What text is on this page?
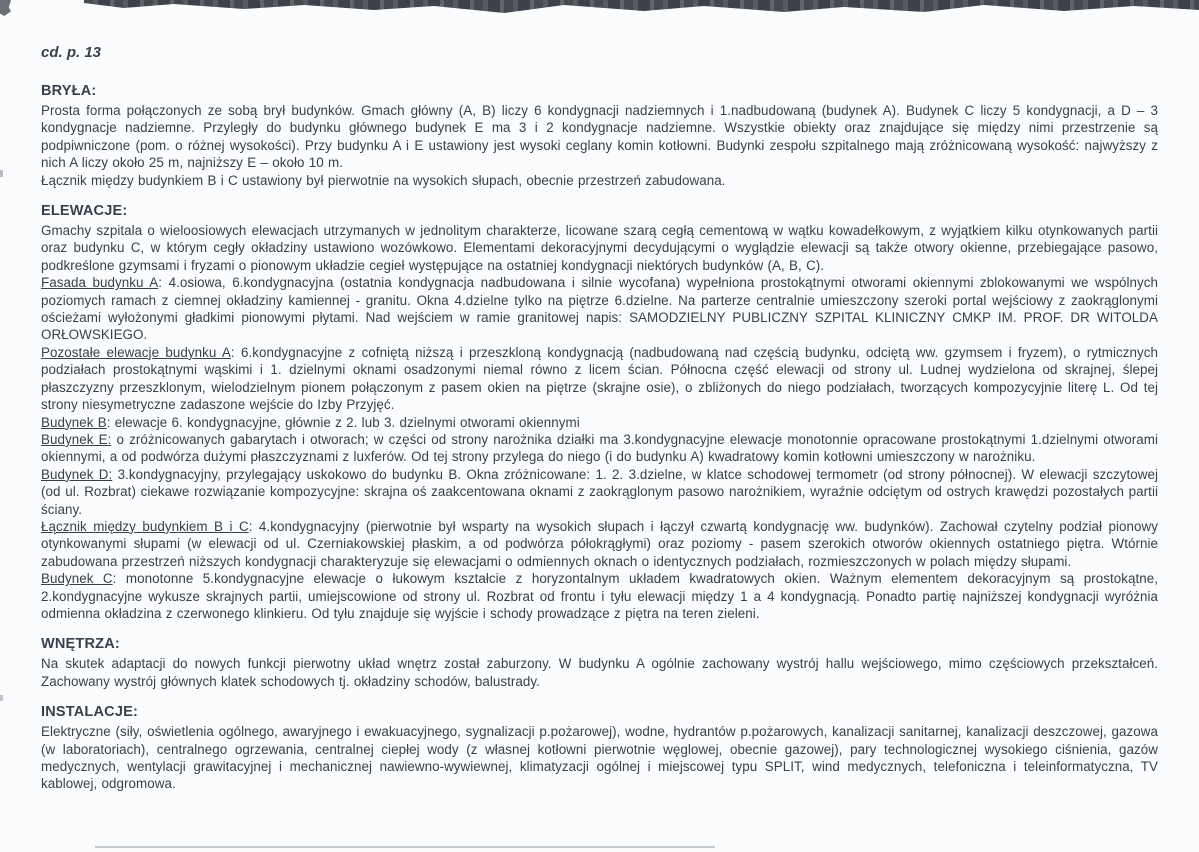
cd. p. 13
BRYŁA:

Prosta forma połączonych ze sobą brył budynków. Gmach główny (A, B) liczy 6 kondygnacji nadziemnych i 1.nadbudowaną (budynek A). Budynek C liczy 5 kondygnacji, a D – 3 kondygnacje nadziemne. Przyległy do budynku głównego budynek E ma 3 i 2 kondygnacje nadziemne. Wszystkie obiekty oraz znajdujące się między nimi przestrzenie są podpiwniczone (pom. o różnej wysokości). Przy budynku A i E ustawiony jest wysoki ceglany komin kotłowni. Budynki zespołu szpitalnego mają zróżnicowaną wysokość: najwyższy z nich A liczy około 25 m, najniższy E – około 10 m.

Łącznik między budynkiem B i C ustawiony był pierwotnie na wysokich słupach, obecnie przestrzeń zabudowana.

ELEWACJE:

Gmachy szpitala o wieloosiowych elewacjach utrzymanych w jednolitym charakterze, licowane szarą cegłą cementową w wątku kowadełkowym, z wyjątkiem kilku otynkowanych partii oraz budynku C, w którym cegły okładziny ustawiono wozówkowo. Elementami dekoracyjnymi decydującymi o wyglądzie elewacji są także otwory okienne, przebiegające pasowo, podkreślone gzymsami i fryzami o pionowym układzie cegieł występujące na ostatniej kondygnacji niektórych budynków (A, B, C).

Fasada budynku A: 4.osiowa, 6.kondygnacyjna (ostatnia kondygnacja nadbudowana i silnie wycofana) wypełniona prostokątnymi otworami okiennymi zblokowanymi we wspólnych poziomych ramach z ciemnej okładziny kamiennej - granitu. Okna 4.dzielne tylko na piętrze 6.dzielne. Na parterze centralnie umieszczony szeroki portal wejściowy z zaokrąglonymi ościeżami wyłożonymi gładkimi pionowymi płytami. Nad wejściem w ramie granitowej napis: SAMODZIELNY PUBLICZNY SZPITAL KLINICZNY CMKP IM. PROF. DR WITOLDA ORŁOWSKIEGO.

Pozostałe elewacje budynku A: 6.kondygnacyjne z cofniętą niższą i przeszkloną kondygnacją (nadbudowaną nad częścią budynku, odciętą ww. gzymsem i fryzem), o rytmicznych podziałach prostokątnymi wąskimi i 1. dzielnymi oknami osadzonymi niemal równo z licem ścian. Północna część elewacji od strony ul. Ludnej wydzielona od skrajnej, ślepej płaszczyzny przeszklonym, wielodzielnym pionem połączonym z pasem okien na piętrze (skrajne osie), o zbliżonych do niego podziałach, tworzących kompozycyjnie literę L. Od tej strony niesymetryczne zadaszone wejście do Izby Przyjęć.

Budynek B: elewacje 6. kondygnacyjne, głównie z 2. lub 3. dzielnymi otworami okiennymi

Budynek E: o zróżnicowanych gabarytach i otworach; w części od strony narożnika działki ma 3.kondygnacyjne elewacje monotonnie opracowane prostokątnymi 1.dzielnymi otworami okiennymi, a od podwórza dużymi płaszczyznami z luxferów. Od tej strony przylega do niego (i do budynku A) kwadratowy komin kotłowni umieszczony w narożniku.

Budynek D: 3.kondygnacyjny, przylegający uskokowo do budynku B. Okna zróżnicowane: 1. 2. 3.dzielne, w klatce schodowej termometr (od strony północnej). W elewacji szczytowej (od ul. Rozbrat) ciekawe rozwiązanie kompozycyjne: skrajna oś zaakcentowana oknami z zaokrąglonym pasowo narożnikiem, wyraźnie odciętym od ostrych krawędzi pozostałych partii ściany.

Łącznik między budynkiem B i C: 4.kondygnacyjny (pierwotnie był wsparty na wysokich słupach i łączył czwartą kondygnację ww. budynków). Zachował czytelny podział pionowy otynkowanymi słupami (w elewacji od ul. Czerniakowskiej płaskim, a od podwórza półokrągłymi) oraz poziomy - pasem szerokich otworów okiennych ostatniego piętra. Wtórnie zabudowana przestrzeń niższych kondygnacji charakteryzuje się elewacjami o odmiennych oknach o identycznych podziałach, rozmieszczonych w polach między słupami.

Budynek C: monotonne 5.kondygnacyjne elewacje o łukowym kształcie z horyzontalnym układem kwadratowych okien. Ważnym elementem dekoracyjnym są prostokątne, 2.kondygnacyjne wykusze skrajnych partii, umiejscowione od strony ul. Rozbrat od frontu i tyłu elewacji między 1 a 4 kondygnacją. Ponadto partię najniższej kondygnacji wyróżnia odmienna okładzina z czerwonego klinkieru. Od tyłu znajduje się wyjście i schody prowadzące z piętra na teren zieleni.

WNĘTRZA:

Na skutek adaptacji do nowych funkcji pierwotny układ wnętrz został zaburzony. W budynku A ogólnie zachowany wystrój hallu wejściowego, mimo częściowych przekształceń. Zachowany wystrój głównych klatek schodowych tj. okładziny schodów, balustrady.

INSTALACJE:

Elektryczne (siły, oświetlenia ogólnego, awaryjnego i ewakuacyjnego, sygnalizacji p.pożarowej), wodne, hydrantów p.pożarowych, kanalizacji sanitarnej, kanalizacji deszczowej, gazowa (w laboratoriach), centralnego ogrzewania, centralnej ciepłej wody (z własnej kotłowni pierwotnie węglowej, obecnie gazowej), pary technologicznej wysokiego ciśnienia, gazów medycznych, wentylacji grawitacyjnej i mechanicznej nawiewno-wywiewnej, klimatyzacji ogólnej i miejscowej typu SPLIT, wind medycznych, telefoniczna i teleinformatyczna, TV kablowej, odgromowa.
